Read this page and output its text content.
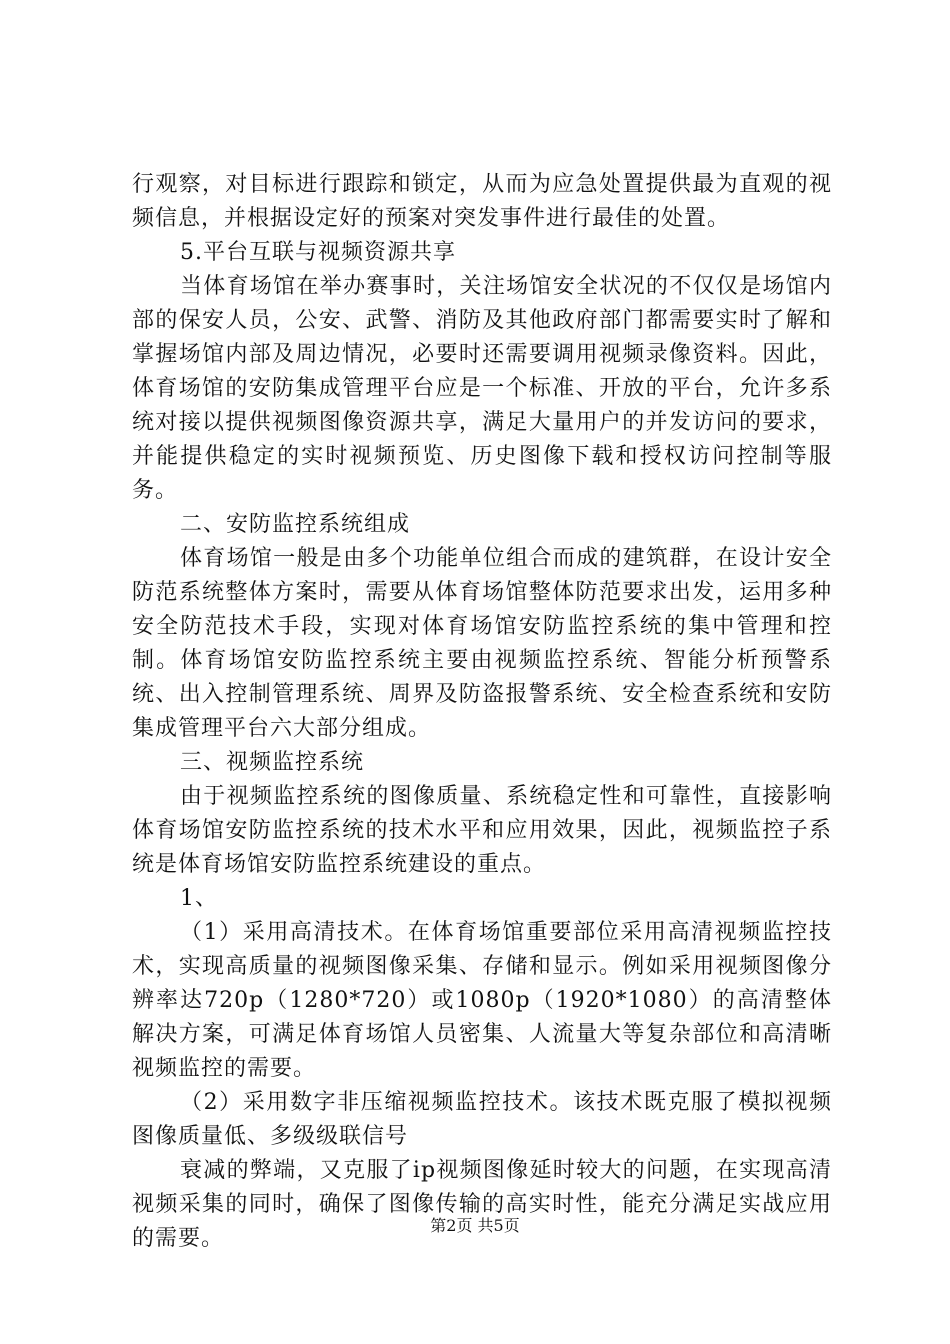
行观察，对目标进行跟踪和锁定，从而为应急处置提供最为直观的视频信息，并根据设定好的预案对突发事件进行最佳的处置。

5.平台互联与视频资源共享

当体育场馆在举办赛事时，关注场馆安全状况的不仅仅是场馆内部的保安人员，公安、武警、消防及其他政府部门都需要实时了解和掌握场馆内部及周边情况，必要时还需要调用视频录像资料。因此，体育场馆的安防集成管理平台应是一个标准、开放的平台，允许多系统对接以提供视频图像资源共享，满足大量用户的并发访问的要求，并能提供稳定的实时视频预览、历史图像下载和授权访问控制等服务。

二、安防监控系统组成

体育场馆一般是由多个功能单位组合而成的建筑群，在设计安全防范系统整体方案时，需要从体育场馆整体防范要求出发，运用多种安全防范技术手段，实现对体育场馆安防监控系统的集中管理和控制。体育场馆安防监控系统主要由视频监控系统、智能分析预警系统、出入控制管理系统、周界及防盗报警系统、安全检查系统和安防集成管理平台六大部分组成。

三、视频监控系统

由于视频监控系统的图像质量、系统稳定性和可靠性，直接影响体育场馆安防监控系统的技术水平和应用效果，因此，视频监控子系统是体育场馆安防监控系统建设的重点。

1、

（1）采用高清技术。在体育场馆重要部位采用高清视频监控技术，实现高质量的视频图像采集、存储和显示。例如采用视频图像分辨率达720p（1280*720）或1080p（1920*1080）的高清整体解决方案，可满足体育场馆人员密集、人流量大等复杂部位和高清晰视频监控的需要。

（2）采用数字非压缩视频监控技术。该技术既克服了模拟视频图像质量低、多级级联信号

衰减的弊端，又克服了ip视频图像延时较大的问题，在实现高清视频采集的同时，确保了图像传输的高实时性，能充分满足实战应用的需要。

第2页 共5页
